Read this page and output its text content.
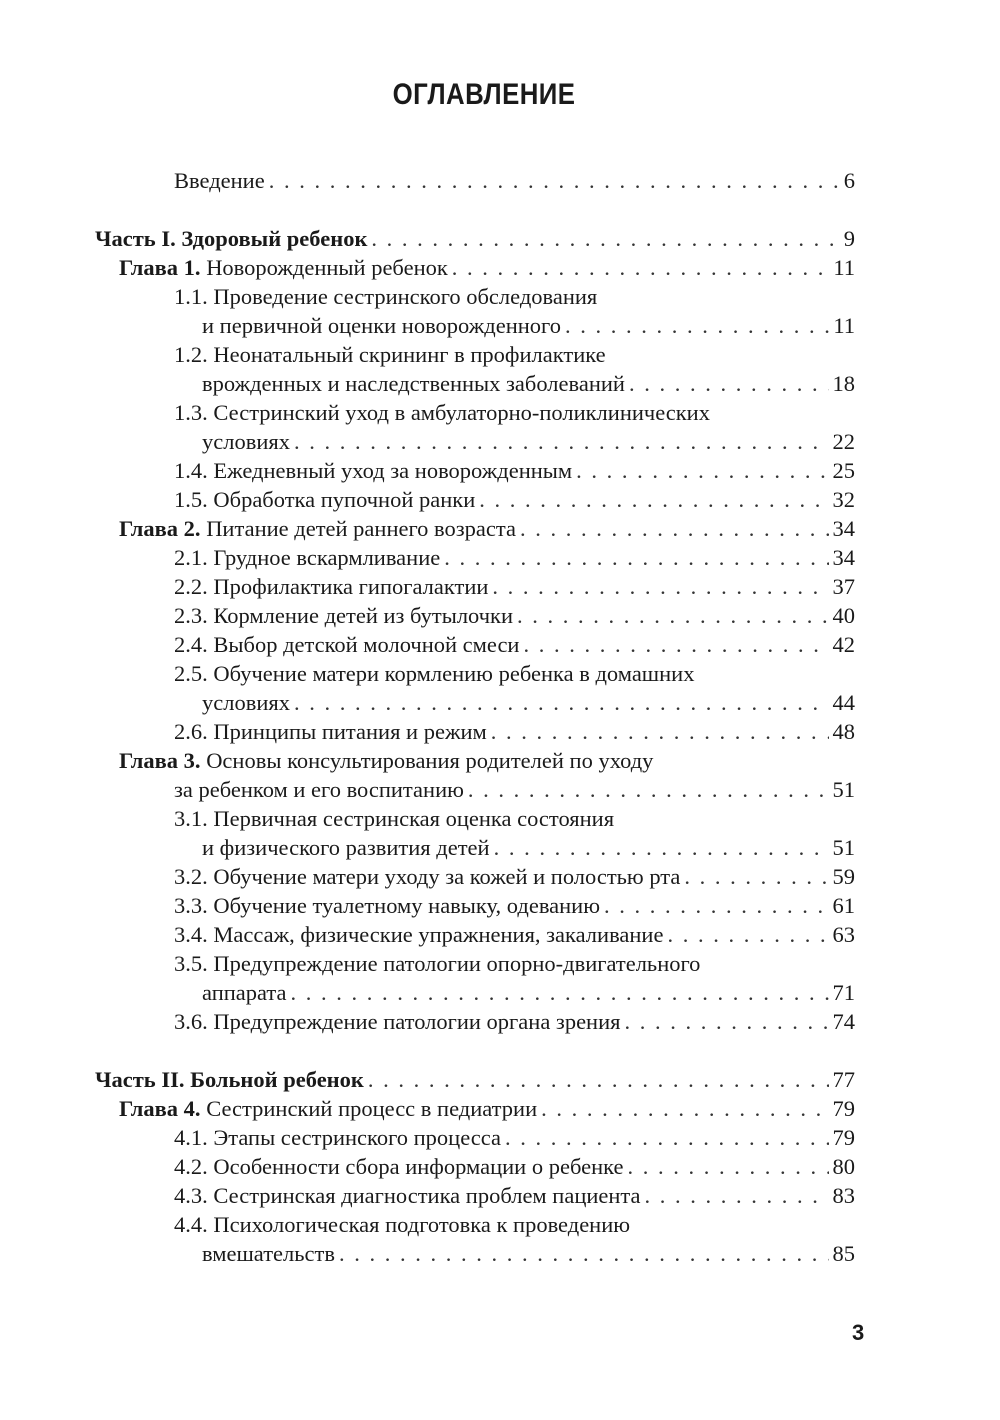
ОГЛАВЛЕНИЕ
Введение . . .	6
Часть I. Здоровый ребенок . . .	9
Глава 1. Новорожденный ребенок . . .	11
1.1. Проведение сестринского обследования
и первичной оценки новорожденного . . .	11
1.2. Неонатальный скрининг в профилактике
врожденных и наследственных заболеваний . . .	18
1.3. Сестринский уход в амбулаторно-поликлинических
условиях . . .	22
1.4. Ежедневный уход за новорожденным . . .	25
1.5. Обработка пупочной ранки . . .	32
Глава 2. Питание детей раннего возраста . . .	34
2.1. Грудное вскармливание . . .	34
2.2. Профилактика гипогалактии . . .	37
2.3. Кормление детей из бутылочки . . .	40
2.4. Выбор детской молочной смеси . . .	42
2.5. Обучение матери кормлению ребенка в домашних
условиях . . .	44
2.6. Принципы питания и режим . . .	48
Глава 3. Основы консультирования родителей по уходу
за ребенком и его воспитанию . . .	51
3.1. Первичная сестринская оценка состояния
и физического развития детей . . .	51
3.2. Обучение матери уходу за кожей и полостью рта . . .	59
3.3. Обучение туалетному навыку, одеванию . . .	61
3.4. Массаж, физические упражнения, закаливание . . .	63
3.5. Предупреждение патологии опорно-двигательного
аппарата . . .	71
3.6. Предупреждение патологии органа зрения . . .	74
Часть II. Больной ребенок . . .	77
Глава 4. Сестринский процесс в педиатрии . . .	79
4.1. Этапы сестринского процесса . . .	79
4.2. Особенности сбора информации о ребенке . . .	80
4.3. Сестринская диагностика проблем пациента . . .	83
4.4. Психологическая подготовка к проведению
вмешательств . . .	85
3
